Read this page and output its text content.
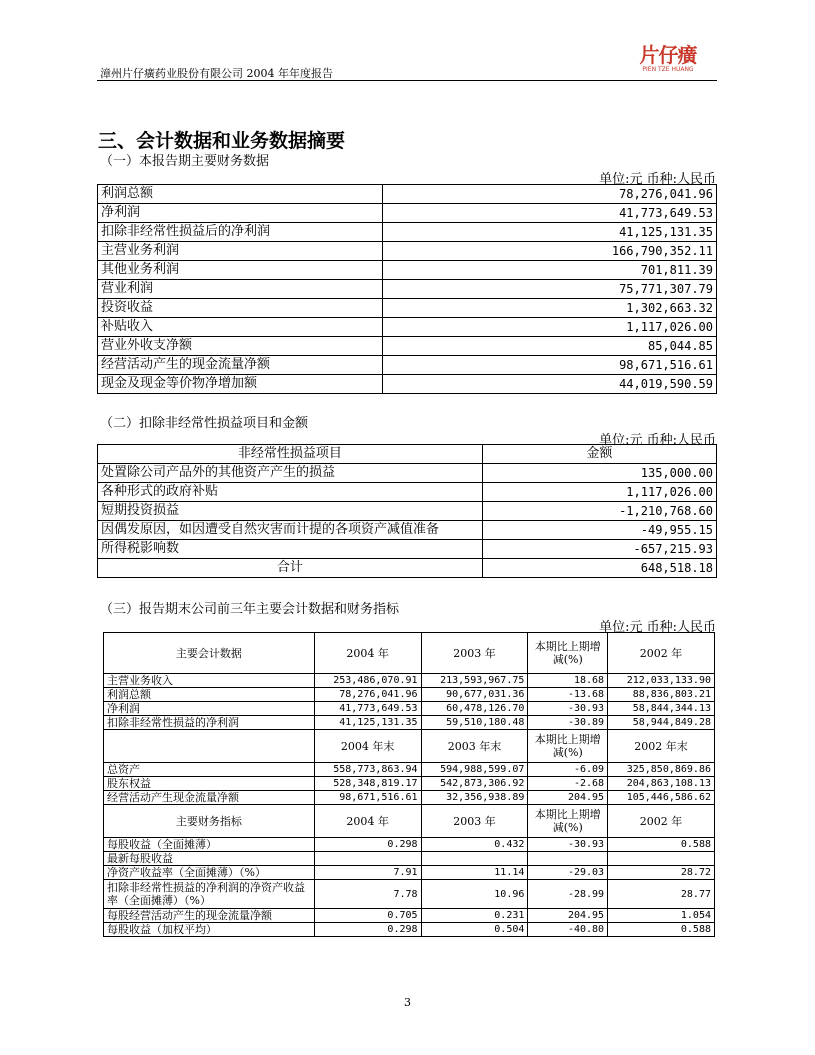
漳州片仔癀药业股份有限公司 2004 年年度报告
片仔癀
PIEN TZE HUANG
三、会计数据和业务数据摘要
（一）本报告期主要财务数据
单位:元 币种:人民币
利润总额	78,276,041.96
净利润	41,773,649.53
扣除非经常性损益后的净利润	41,125,131.35
主营业务利润	166,790,352.11
其他业务利润	701,811.39
营业利润	75,771,307.79
投资收益	1,302,663.32
补贴收入	1,117,026.00
营业外收支净额	85,044.85
经营活动产生的现金流量净额	98,671,516.61
现金及现金等价物净增加额	44,019,590.59
（二）扣除非经常性损益项目和金额
单位:元 币种:人民币
非经常性损益项目	金额
处置除公司产品外的其他资产产生的损益	135,000.00
各种形式的政府补贴	1,117,026.00
短期投资损益	-1,210,768.60
因偶发原因，如因遭受自然灾害而计提的各项资产减值准备	-49,955.15
所得税影响数	-657,215.93
合计	648,518.18
（三）报告期末公司前三年主要会计数据和财务指标
单位:元 币种:人民币
主要会计数据	2004 年	2003 年	本期比上期增减(%)	2002 年
主营业务收入	253,486,070.91	213,593,967.75	18.68	212,033,133.90
利润总额	78,276,041.96	90,677,031.36	-13.68	88,836,803.21
净利润	41,773,649.53	60,478,126.70	-30.93	58,844,344.13
扣除非经常性损益的净利润	41,125,131.35	59,510,180.48	-30.89	58,944,849.28
	2004 年末	2003 年末	本期比上期增减(%)	2002 年末
总资产	558,773,863.94	594,988,599.07	-6.09	325,850,869.86
股东权益	528,348,819.17	542,873,306.92	-2.68	204,863,108.13
经营活动产生现金流量净额	98,671,516.61	32,356,938.89	204.95	105,446,586.62
主要财务指标	2004 年	2003 年	本期比上期增减(%)	2002 年
每股收益（全面摊薄）	0.298	0.432	-30.93	0.588
最新每股收益				
净资产收益率（全面摊薄）（%）	7.91	11.14	-29.03	28.72
扣除非经常性损益的净利润的净资产收益率（全面摊薄）（%）	7.78	10.96	-28.99	28.77
每股经营活动产生的现金流量净额	0.705	0.231	204.95	1.054
每股收益（加权平均）	0.298	0.504	-40.80	0.588
3
